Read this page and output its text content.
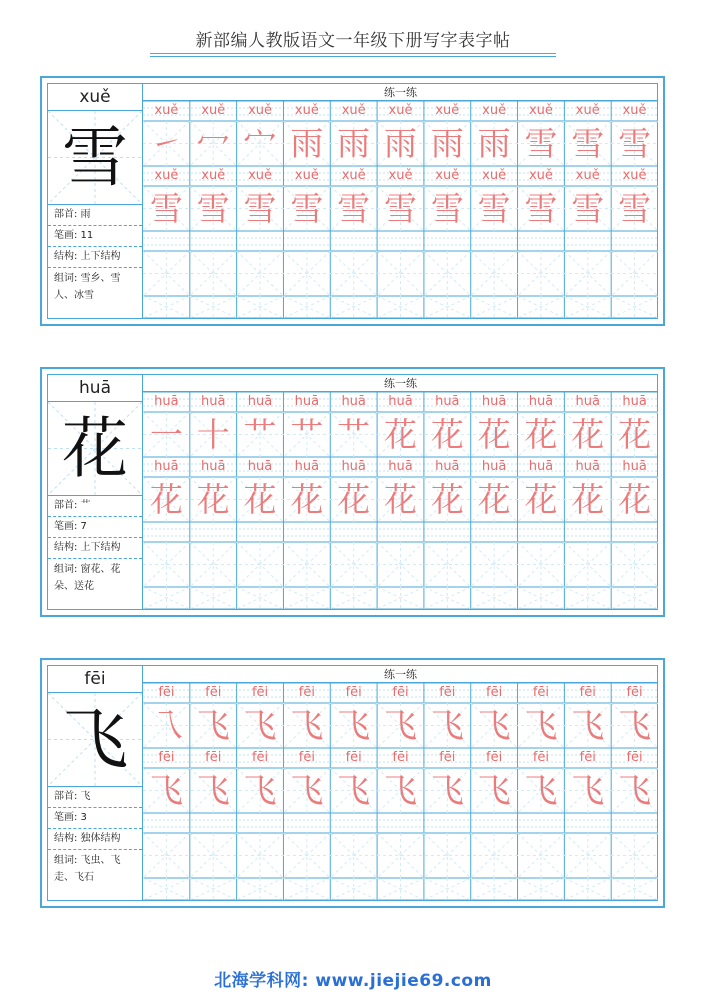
新部编人教版语文一年级下册写字表字帖
xuě
雪
部首: 雨
笔画: 11
结构: 上下结构
组词: 雪乡、雪
人、冰雪
练一练
xuě
㇀
xuě
冖
xuě
宀
xuě
雨
xuě
雨
xuě
雨
xuě
雨
xuě
雨
xuě
雪
xuě
雪
xuě
雪
xuě
雪
xuě
雪
xuě
雪
xuě
雪
xuě
雪
xuě
雪
xuě
雪
xuě
雪
xuě
雪
xuě
雪
xuě
雪
huā
花
部首: 艹
笔画: 7
结构: 上下结构
组词: 窗花、花
朵、送花
练一练
huā
一
huā
十
huā
艹
huā
艹
huā
艹
huā
花
huā
花
huā
花
huā
花
huā
花
huā
花
huā
花
huā
花
huā
花
huā
花
huā
花
huā
花
huā
花
huā
花
huā
花
huā
花
huā
花
fēi
飞
部首: 飞
笔画: 3
结构: 独体结构
组词: 飞虫、飞
走、飞石
练一练
fēi
乁
fēi
飞
fēi
飞
fēi
飞
fēi
飞
fēi
飞
fēi
飞
fēi
飞
fēi
飞
fēi
飞
fēi
飞
fēi
飞
fēi
飞
fēi
飞
fēi
飞
fēi
飞
fēi
飞
fēi
飞
fēi
飞
fēi
飞
fēi
飞
fēi
飞
北海学科网: www.jiejie69.com
